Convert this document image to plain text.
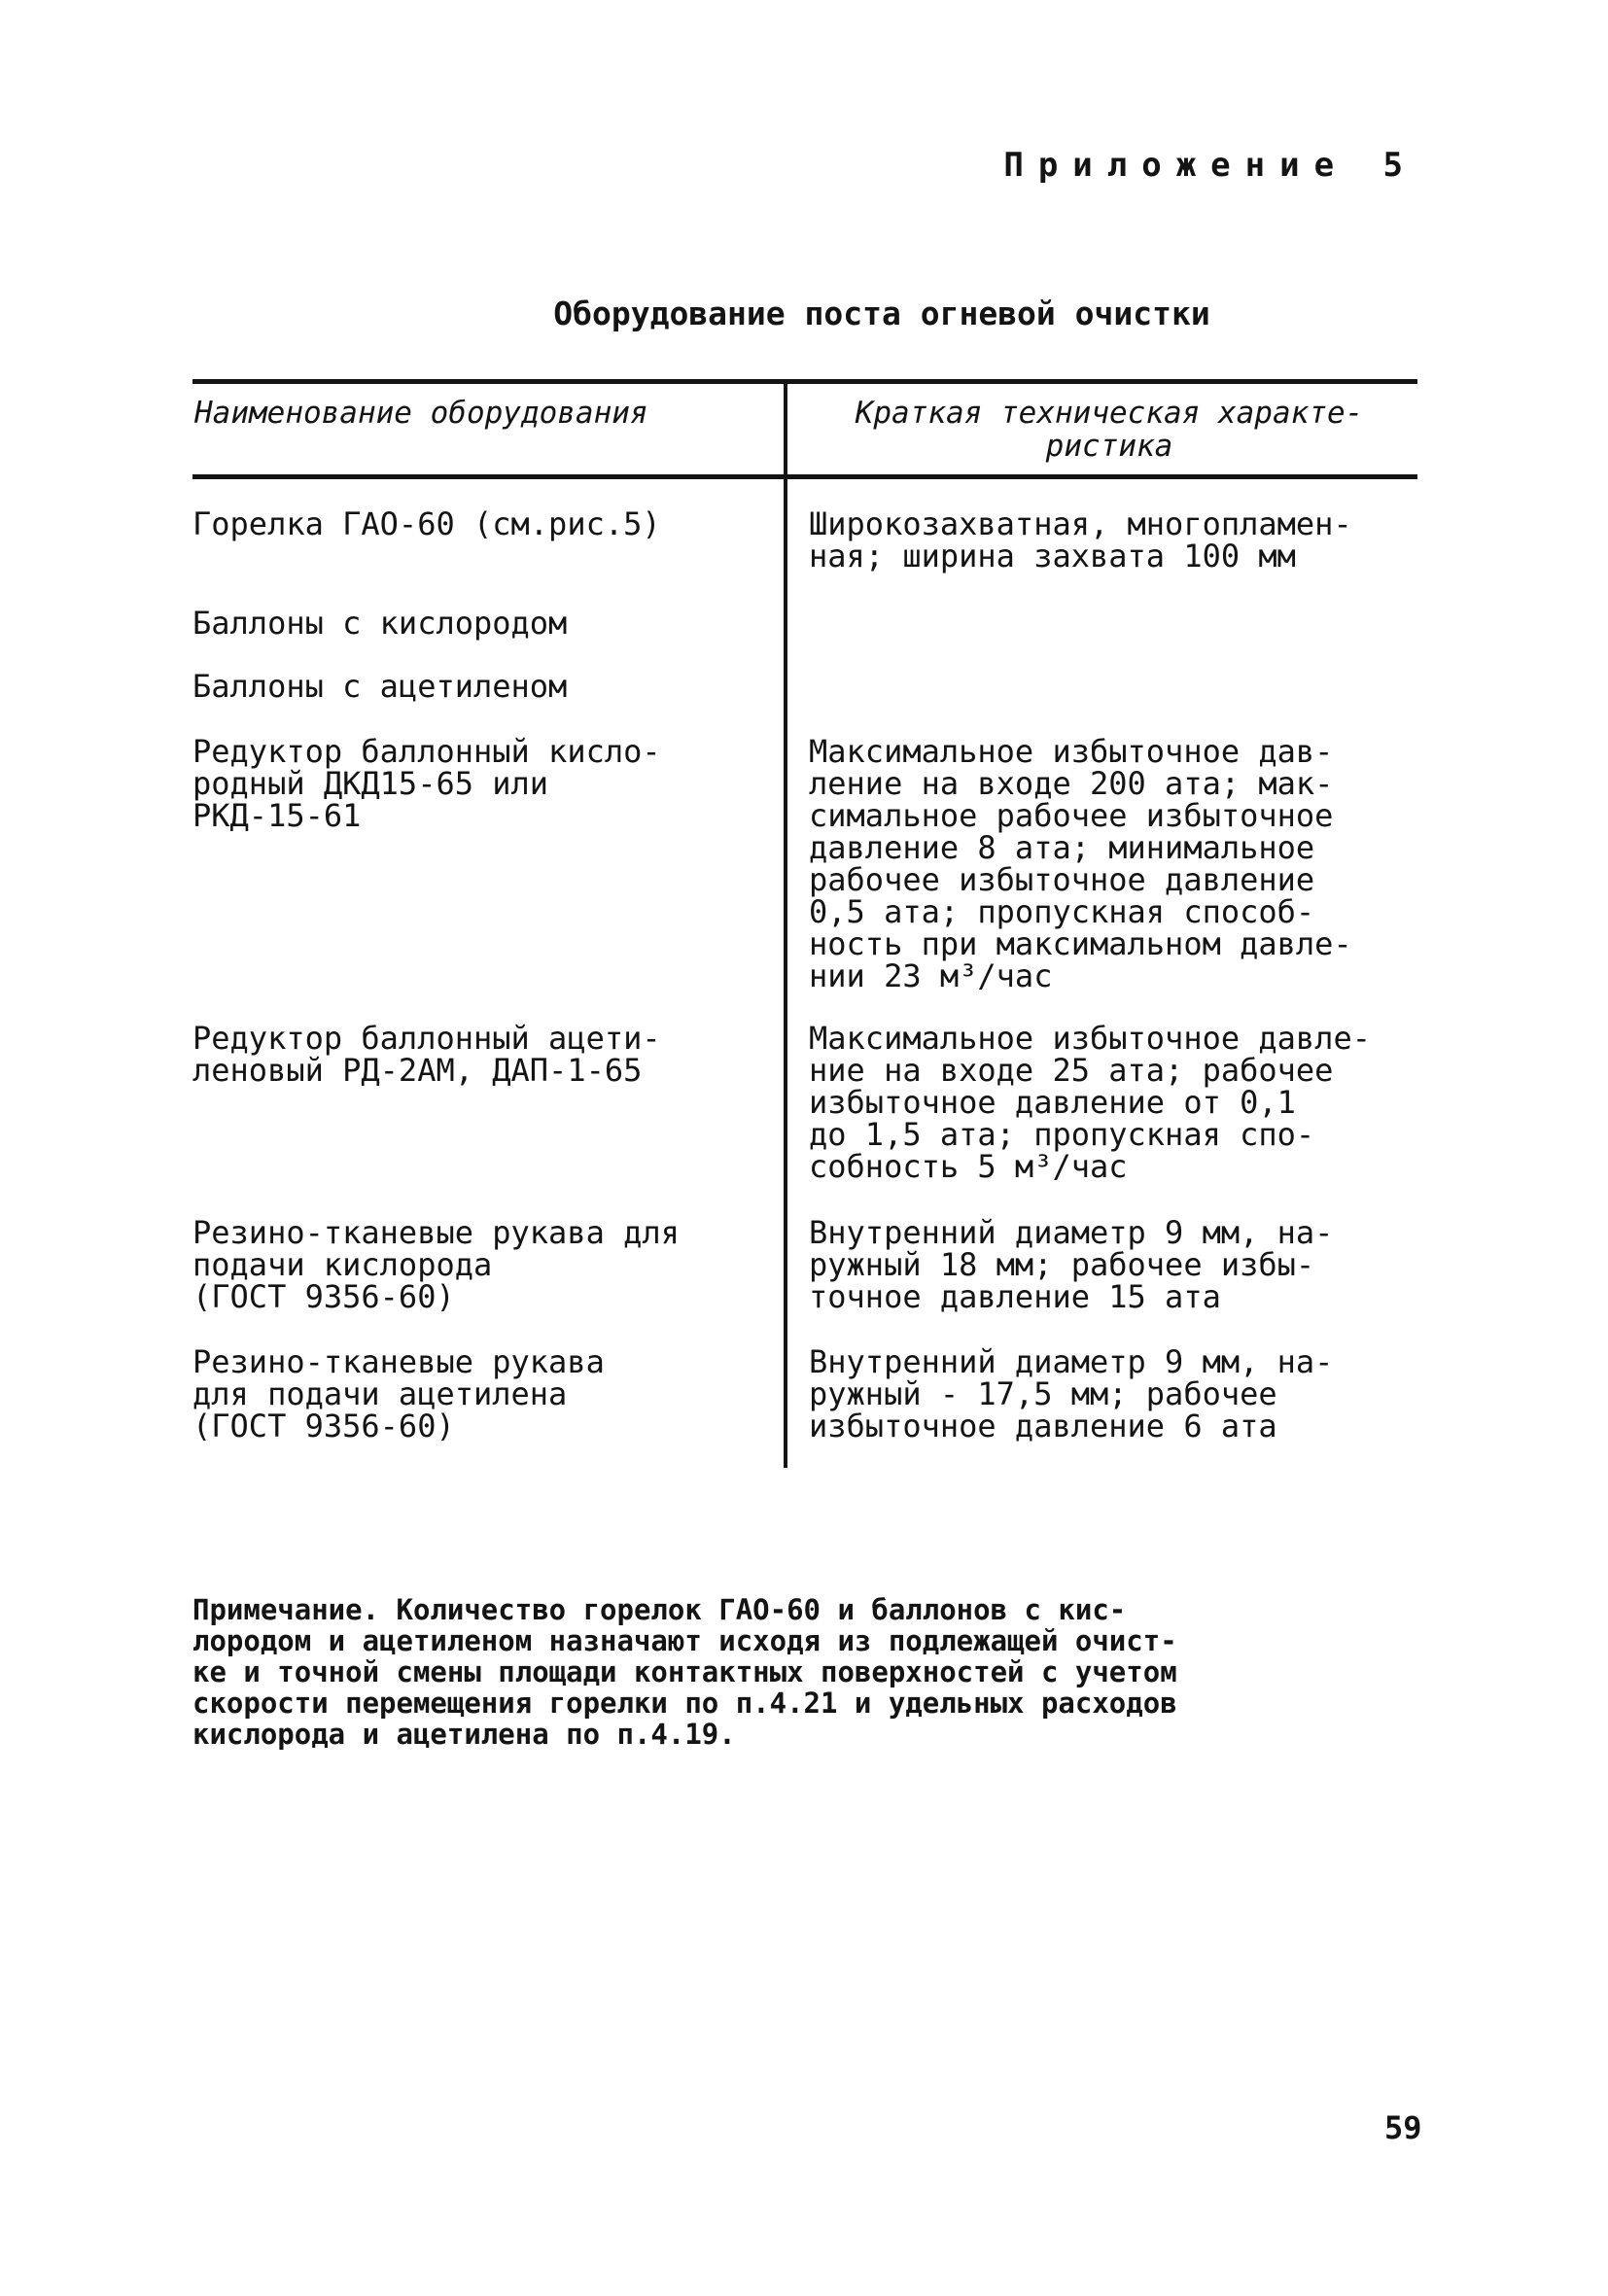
Приложение 5
Оборудование поста огневой очистки
Наименование оборудования	Краткая техническая характе-
ристика
Горелка ГАО-60 (см.рис.5)	Широкозахватная, многопламен-
ная; ширина захвата 100 мм
Баллоны с кислородом
Баллоны с ацетиленом
Редуктор баллонный кисло-
родный ДКД15-65 или
РКД-15-61
Максимальное избыточное дав-
ление на входе 200 ата; мак-
симальное рабочее избыточное
давление 8 ата; минимальное
рабочее избыточное давление
0,5 ата; пропускная способ-
ность при максимальном давле-
нии 23 м³/час
Редуктор баллонный ацети-
леновый РД-2АМ, ДАП-1-65
Максимальное избыточное давле-
ние на входе 25 ата; рабочее
избыточное давление от 0,1
до 1,5 ата; пропускная спо-
собность 5 м³/час
Резино-тканевые рукава для
подачи кислорода
(ГОСТ 9356-60)
Внутренний диаметр 9 мм, на-
ружный 18 мм; рабочее избы-
точное давление 15 ата
Резино-тканевые рукава
для подачи ацетилена
(ГОСТ 9356-60)
Внутренний диаметр 9 мм, на-
ружный - 17,5 мм; рабочее
избыточное давление 6 ата
Примечание. Количество горелок ГАО-60 и баллонов с кис-
лородом и ацетиленом назначают исходя из подлежащей очист-
ке и точной смены площади контактных поверхностей с учетом
скорости перемещения горелки по п.4.21 и удельных расходов
кислорода и ацетилена по п.4.19.
59
